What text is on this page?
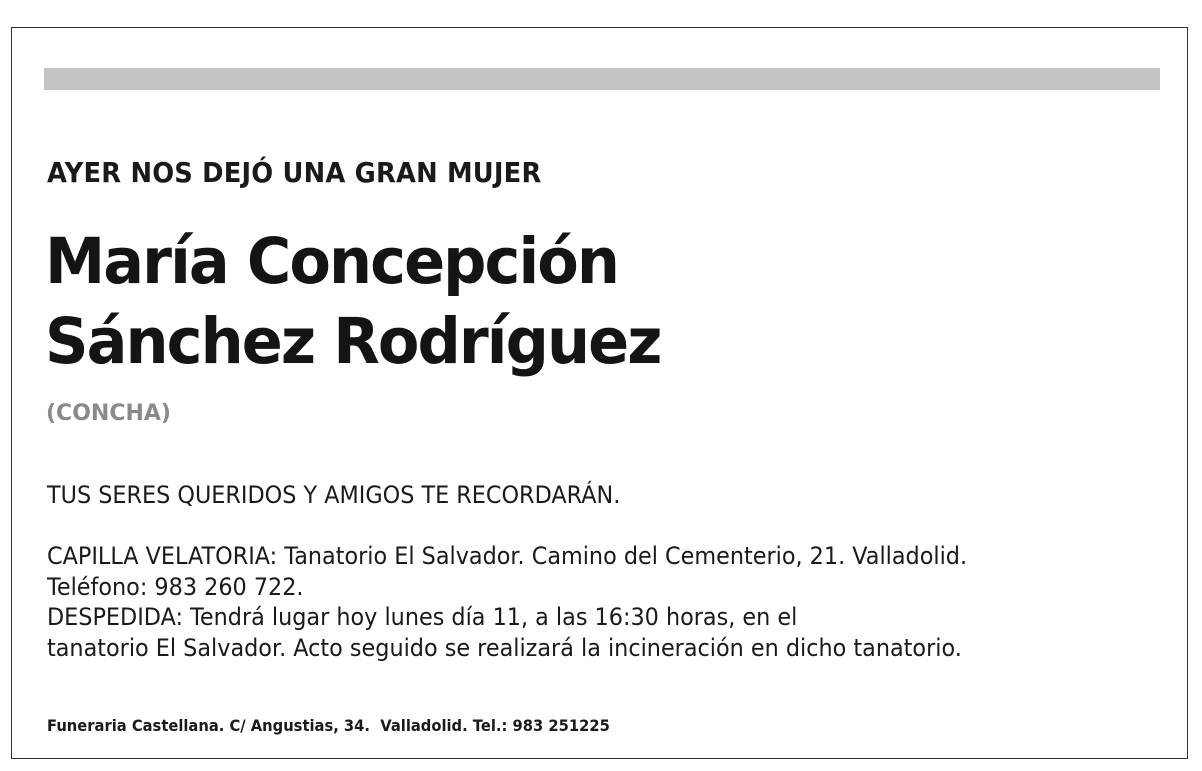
AYER NOS DEJÓ UNA GRAN MUJER
María Concepción
Sánchez Rodríguez
(CONCHA)
TUS SERES QUERIDOS Y AMIGOS TE RECORDARÁN.
CAPILLA VELATORIA: Tanatorio El Salvador. Camino del Cementerio, 21. Valladolid.
Teléfono: 983 260 722.
DESPEDIDA: Tendrá lugar hoy lunes día 11, a las 16:30 horas, en el
tanatorio El Salvador. Acto seguido se realizará la incineración en dicho tanatorio.
Funeraria Castellana. C/ Angustias, 34.  Valladolid. Tel.: 983 251225
